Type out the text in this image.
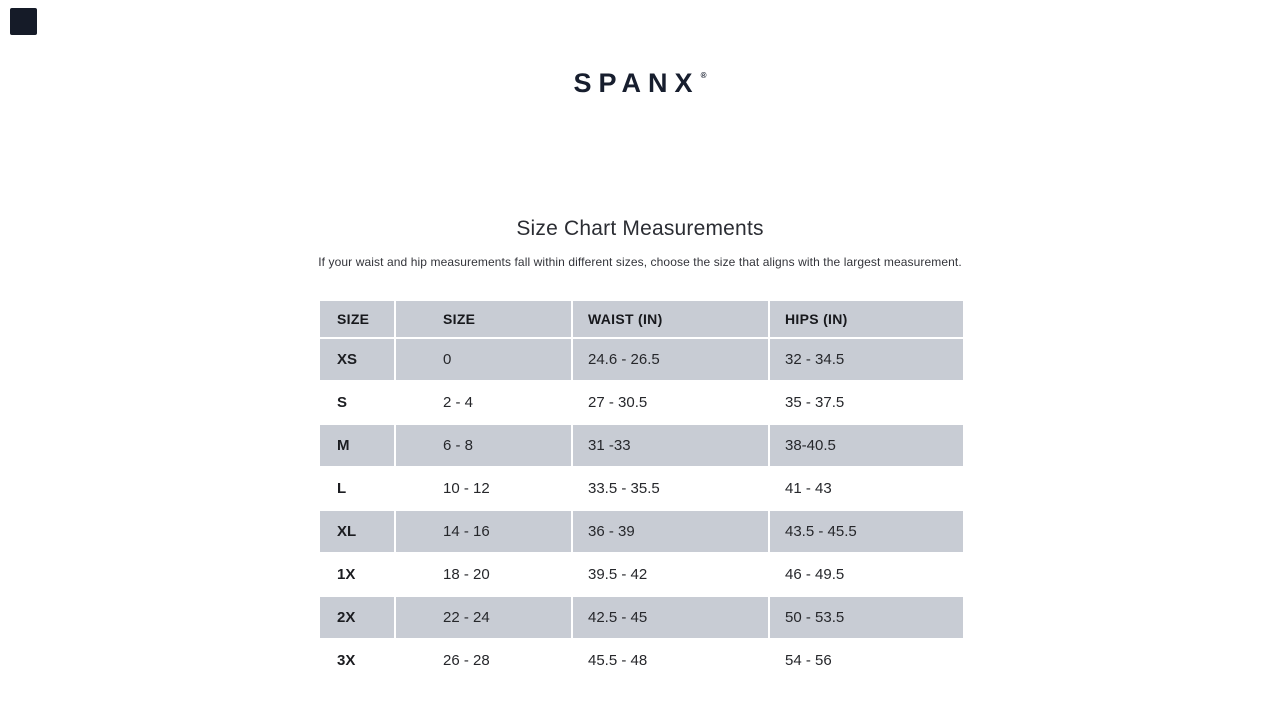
SPANX®
Size Chart Measurements
If your waist and hip measurements fall within different sizes, choose the size that aligns with the largest measurement.
SIZE	SIZE	WAIST (IN)	HIPS (IN)
XS	0	24.6 - 26.5	32 - 34.5
S	2 - 4	27 - 30.5	35 - 37.5
M	6 - 8	31 -33	38-40.5
L	10 - 12	33.5 - 35.5	41 - 43
XL	14 - 16	36 - 39	43.5 - 45.5
1X	18 - 20	39.5 - 42	46 - 49.5
2X	22 - 24	42.5 - 45	50 - 53.5
3X	26 - 28	45.5 - 48	54 - 56
